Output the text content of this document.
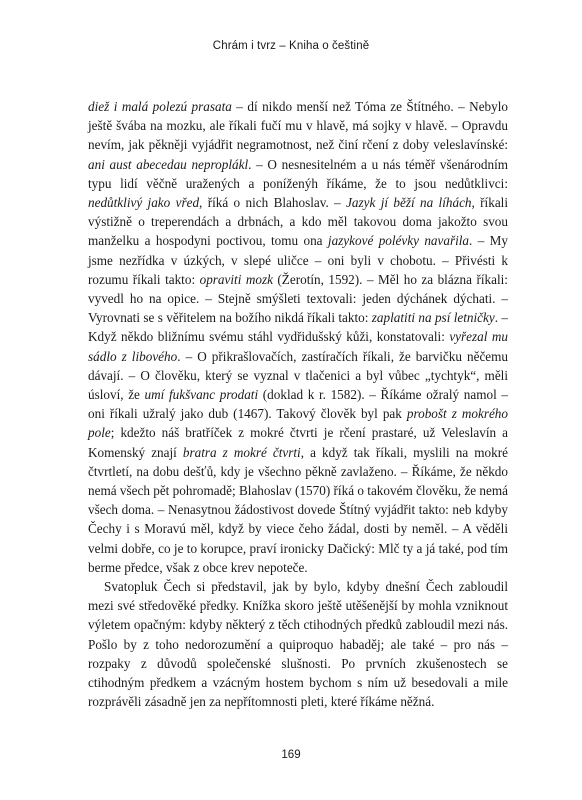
Chrám i tvrz – Kniha o češtině

diež i malá polezú prasata – dí nikdo menší než Tóma ze Štítného. – Nebylo ještě švába na mozku, ale říkali fučí mu v hlavě, má sojky v hlavě. – Opravdu nevím, jak pěkněji vyjádřit negramotnost, než činí rčení z doby veleslavínské: ani aust abecedau neproplákl. – O nesnesitelném a u nás téměř všenárodním typu lidí věčně uražených a poníženýh říkáme, že to jsou nedůtklivci: nedůtklivý jako vřed, říká o nich Blahoslav. – Jazyk jí běží na líhách, říkali výstižně o treperendách a drbnách, a kdo měl takovou doma jakožto svou manželku a hospodyni poctivou, tomu ona jazykové polévky navařila. – My jsme nezřídka v úzkých, v slepé uličce – oni byli v chobotu. – Přivésti k rozumu říkali takto: opraviti mozk (Žerotín, 1592). – Měl ho za blázna říkali: vyvedl ho na opice. – Stejně smýšleti textovali: jeden dýchánek dýchati. – Vyrovnati se s věřitelem na božího nikdá říkali takto: zaplatiti na psí letničky. – Když někdo bližnímu svému stáhl vydřidušský kůži, konstatovali: vyřezal mu sádlo z libového. – O přikrašlovačích, zastírаčích říkali, že barvičku něčemu dávají. – O člověku, který se vyznal v tlačenici a byl vůbec „tychtyk“, měli úsloví, že umí fukšvanc prodati (doklad k r. 1582). – Říkáme ožralý namol – oni říkali užralý jako dub (1467). Takový člověk byl pak probošt z mokrého pole; kdežto náš bratříček z mokré čtvrti je rčení prastaré, už Veleslavín a Komenský znají bratra z mokré čtvrti, a když tak říkali, myslili na mokré čtvrtletí, na dobu dešťů, kdy je všechno pěkně zavlaženo. – Říkáme, že někdo nemá všech pět pohromadě; Blahoslav (1570) říká o takovém člověku, že nemá všech doma. – Nenasytnou žádostivost dovede Štítný vyjádřit takto: neb kdyby Čechy i s Moravú měl, když by viece čeho žádal, dosti by neměl. – A věděli velmi dobře, co je to korupce, praví ironicky Dačický: Mlč ty a já také, pod tím berme předce, však z obce krev nepoteče.

Svatopluk Čech si představil, jak by bylo, kdyby dnešní Čech zabloudil mezi své středověké předky. Knížka skoro ještě utěšenější by mohla vzniknout výletem opačným: kdyby některý z těch ctihodných předků zabloudil mezi nás. Pošlo by z toho nedorozumění a quiproquo habaděj; ale také – pro nás – rozpaky z důvodů společenské slušnosti. Po prvních zkušenostech se ctihodným předkem a vzácným hostem bychom s ním už besedovali a mile rozprávěli zásadně jen za nepřítomnosti pleti, které říkáme něžná.

169
